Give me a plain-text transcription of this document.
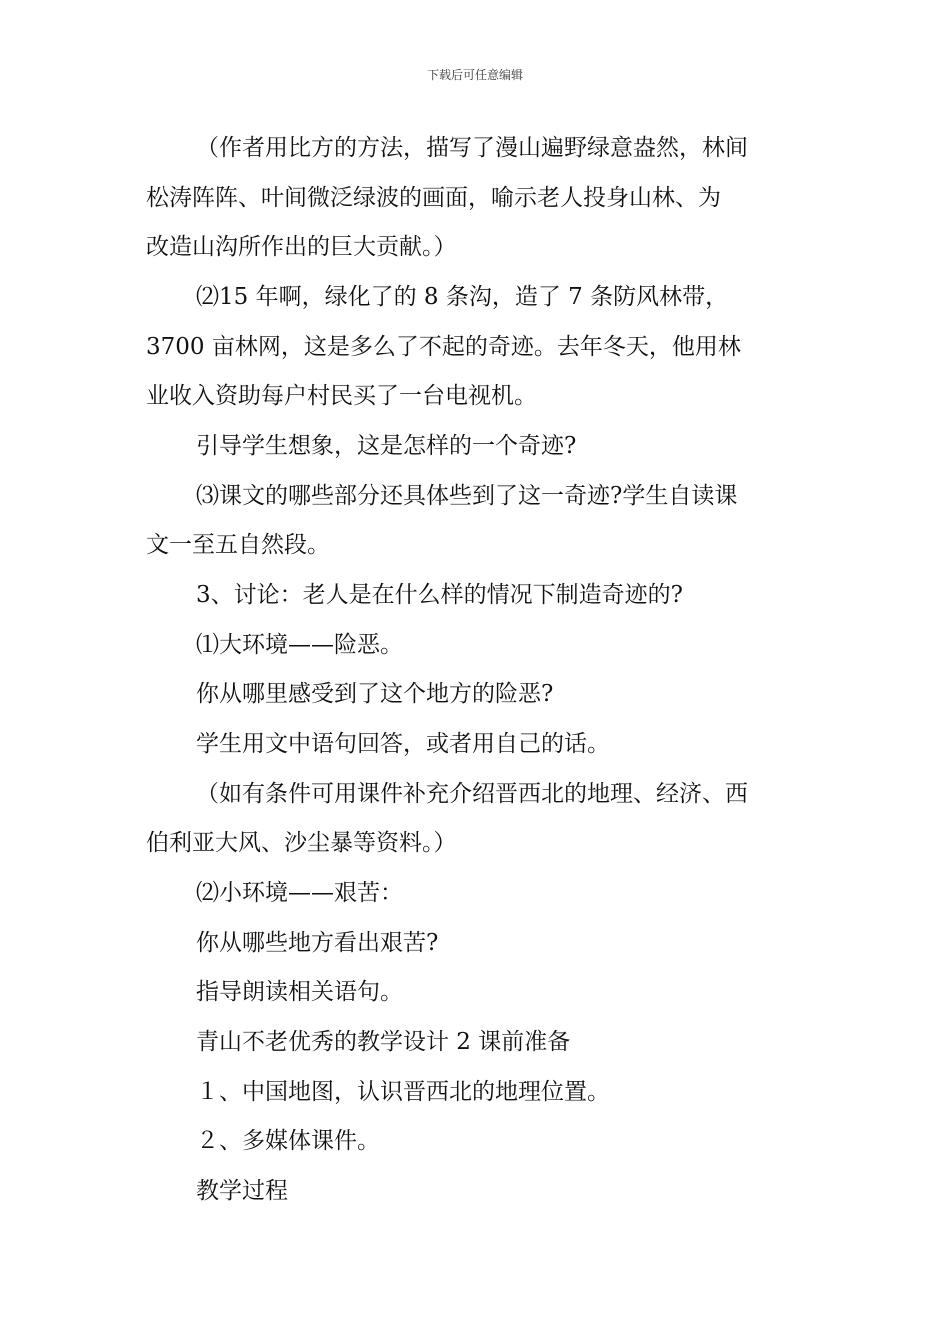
下载后可任意编辑
（作者用比方的方法，描写了漫山遍野绿意盎然，林间
松涛阵阵、叶间微泛绿波的画面，喻示老人投身山林、为
改造山沟所作出的巨大贡献。）
⑵15 年啊，绿化了的 8 条沟，造了 7 条防风林带，
3700 亩林网，这是多么了不起的奇迹。去年冬天，他用林
业收入资助每户村民买了一台电视机。
引导学生想象，这是怎样的一个奇迹?
⑶课文的哪些部分还具体些到了这一奇迹?学生自读课
文一至五自然段。
3、讨论：老人是在什么样的情况下制造奇迹的?
⑴大环境——险恶。
你从哪里感受到了这个地方的险恶?
学生用文中语句回答，或者用自己的话。
（如有条件可用课件补充介绍晋西北的地理、经济、西
伯利亚大风、沙尘暴等资料。）
⑵小环境——艰苦：
你从哪些地方看出艰苦?
指导朗读相关语句。
青山不老优秀的教学设计 2 课前准备
１、中国地图，认识晋西北的地理位置。
２、多媒体课件。
教学过程
